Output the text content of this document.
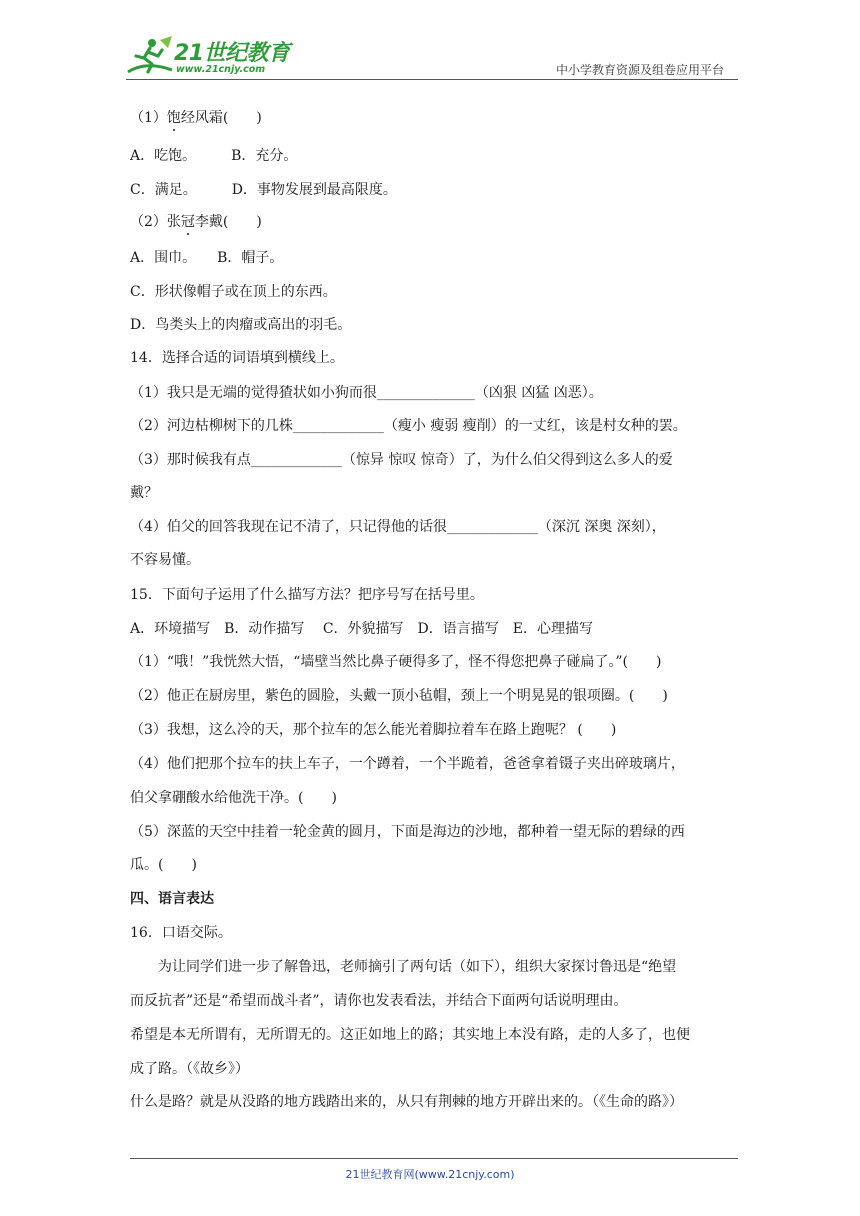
21世纪教育
www.21cnjy.com	中小学教育资源及组卷应用平台
（1）饱经风霜(　　)
A．吃饱。　　　B．充分。
C．满足。　　　D．事物发展到最高限度。
（2）张冠李戴(　　)
A．围巾。　　B．帽子。
C．形状像帽子或在顶上的东西。
D．鸟类头上的肉瘤或高出的羽毛。
14．选择合适的词语填到横线上。
（1）我只是无端的觉得猹状如小狗而很______________（凶狠 凶猛 凶恶）。
（2）河边枯柳树下的几株_____________（瘦小 瘦弱 瘦削）的一丈红，该是村女种的罢。
（3）那时候我有点_____________（惊异 惊叹 惊奇）了，为什么伯父得到这么多人的爱
戴？
（4）伯父的回答我现在记不清了，只记得他的话很_____________（深沉 深奥 深刻），
不容易懂。
15．下面句子运用了什么描写方法？把序号写在括号里。
A．环境描写　B．动作描写　 C．外貌描写　D．语言描写　E．心理描写
（1）“哦！”我恍然大悟，“墙壁当然比鼻子硬得多了，怪不得您把鼻子碰扁了。”(　　)
（2）他正在厨房里，紫色的圆脸，头戴一顶小毡帽，颈上一个明晃晃的银项圈。(　　)
（3）我想，这么冷的天，那个拉车的怎么能光着脚拉着车在路上跑呢？ (　　)
（4）他们把那个拉车的扶上车子，一个蹲着，一个半跪着，爸爸拿着镊子夹出碎玻璃片，
伯父拿硼酸水给他洗干净。(　　)
（5）深蓝的天空中挂着一轮金黄的圆月，下面是海边的沙地，都种着一望无际的碧绿的西
瓜。(　　)
四、语言表达
16．口语交际。
　　为让同学们进一步了解鲁迅，老师摘引了两句话（如下），组织大家探讨鲁迅是“绝望
而反抗者”还是“希望而战斗者”，请你也发表看法，并结合下面两句话说明理由。
希望是本无所谓有，无所谓无的。这正如地上的路；其实地上本没有路，走的人多了，也便
成了路。（《故乡》）
什么是路？就是从没路的地方践踏出来的，从只有荆棘的地方开辟出来的。（《生命的路》）
21世纪教育网(www.21cnjy.com)
